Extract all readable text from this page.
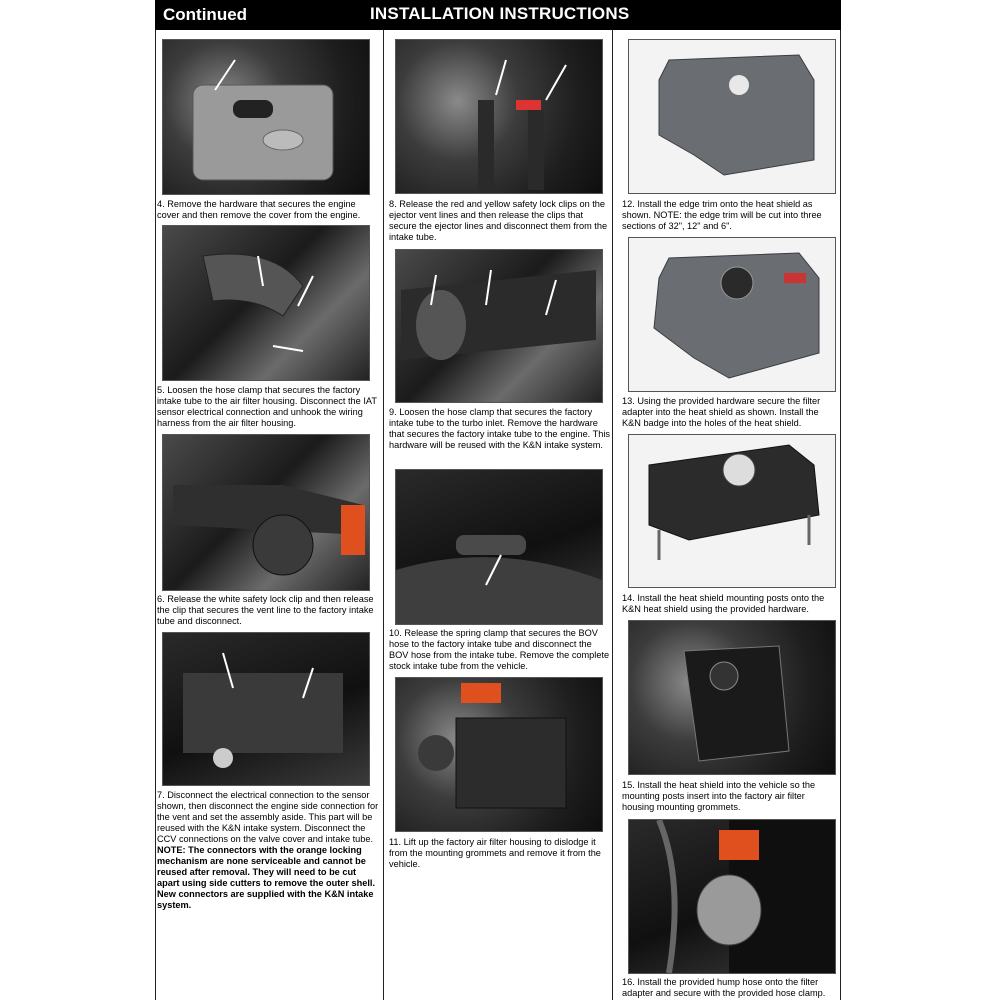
Continued	INSTALLATION INSTRUCTIONS
4. Remove the hardware that secures the engine cover and then remove the cover from the engine.
5. Loosen the hose clamp that secures the factory intake tube to the air filter housing. Disconnect the IAT sensor electrical connection and unhook the wiring harness from the air filter housing.
6. Release the white safety lock clip and then release the clip that secures the vent line to the factory intake tube and disconnect.
7. Disconnect the electrical connection to the sensor shown, then disconnect the engine side connection for the vent and set the assembly aside. This part will be reused with the K&N intake system. Disconnect the CCV connections on the valve cover and intake tube. NOTE: The connectors with the orange locking mechanism are none serviceable and cannot be reused after removal. They will need to be cut apart using side cutters to remove the outer shell. New connectors are supplied with the K&N intake system.
8. Release the red and yellow safety lock clips on the ejector vent lines and then release the clips that secure the ejector lines and disconnect them from the intake tube.
9. Loosen the hose clamp that secures the factory intake tube to the turbo inlet. Remove the hardware that secures the factory intake tube to the engine. This hardware will be reused with the K&N intake system.
10. Release the spring clamp that secures the BOV hose to the factory intake tube and disconnect the BOV hose from the intake tube. Remove the complete stock intake tube from the vehicle.
11. Lift up the factory air filter housing to dislodge it from the mounting grommets and remove it from the vehicle.
12. Install the edge trim onto the heat shield as shown. NOTE: the edge trim will be cut into three sections of 32", 12" and 6".
13. Using the provided hardware secure the filter adapter into the heat shield as shown. Install the K&N badge into the holes of the heat shield.
14. Install the heat shield mounting posts onto the K&N heat shield using the provided hardware.
15. Install the heat shield into the vehicle so the mounting posts insert into the factory air filter housing mounting grommets.
16. Install the provided hump hose onto the filter adapter and secure with the provided hose clamp.
